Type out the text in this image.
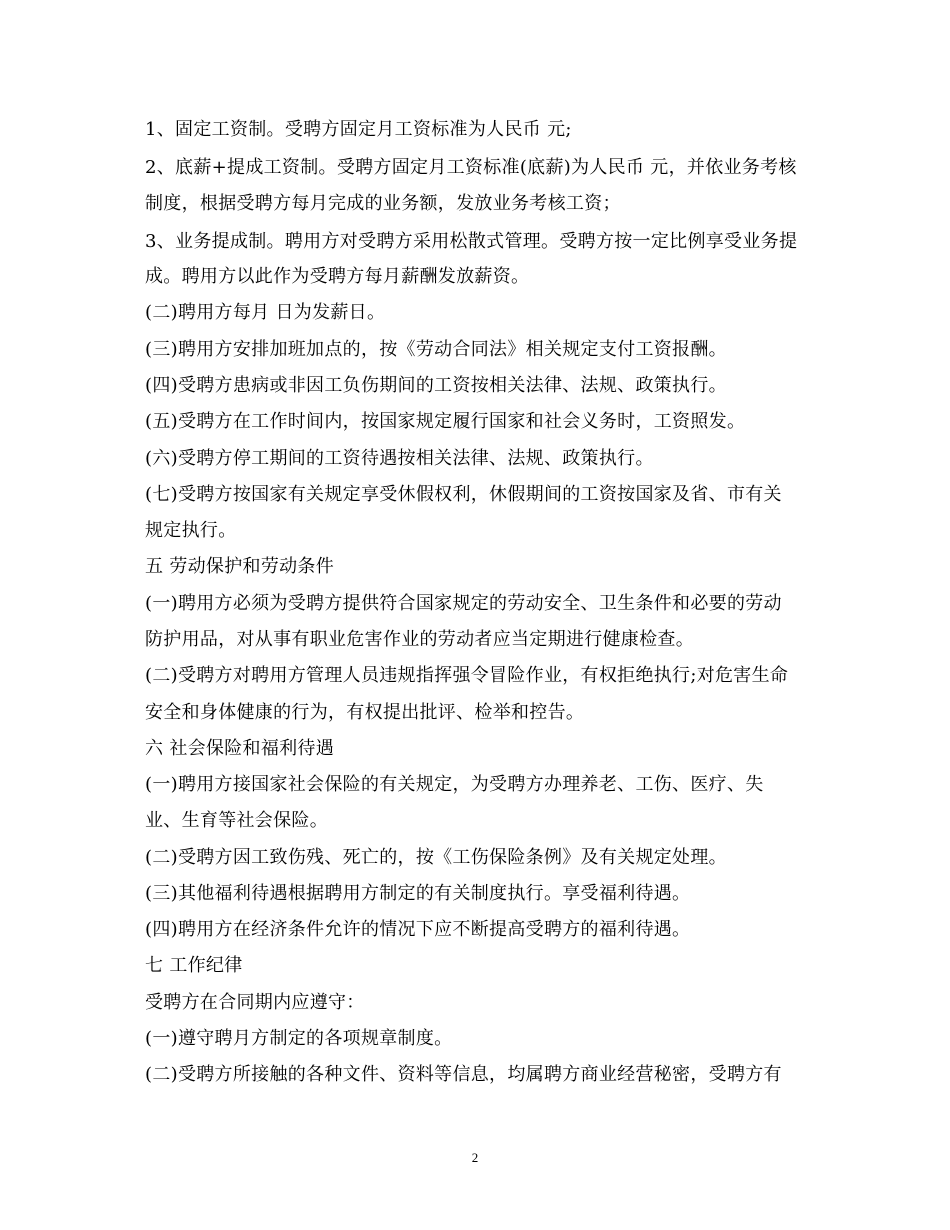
1、固定工资制。受聘方固定月工资标准为人民币 元;
2、底薪+提成工资制。受聘方固定月工资标准(底薪)为人民币 元，并依业务考核
制度，根据受聘方每月完成的业务额，发放业务考核工资；
3、业务提成制。聘用方对受聘方采用松散式管理。受聘方按一定比例享受业务提
成。聘用方以此作为受聘方每月薪酬发放薪资。
(二)聘用方每月 日为发薪日。
(三)聘用方安排加班加点的，按《劳动合同法》相关规定支付工资报酬。
(四)受聘方患病或非因工负伤期间的工资按相关法律、法规、政策执行。
(五)受聘方在工作时间内，按国家规定履行国家和社会义务时，工资照发。
(六)受聘方停工期间的工资待遇按相关法律、法规、政策执行。
(七)受聘方按国家有关规定享受休假权利，休假期间的工资按国家及省、市有关
规定执行。
五 劳动保护和劳动条件
(一)聘用方必须为受聘方提供符合国家规定的劳动安全、卫生条件和必要的劳动
防护用品，对从事有职业危害作业的劳动者应当定期进行健康检查。
(二)受聘方对聘用方管理人员违规指挥强令冒险作业，有权拒绝执行;对危害生命
安全和身体健康的行为，有权提出批评、检举和控告。
六 社会保险和福利待遇
(一)聘用方接国家社会保险的有关规定，为受聘方办理养老、工伤、医疗、失
业、生育等社会保险。
(二)受聘方因工致伤残、死亡的，按《工伤保险条例》及有关规定处理。
(三)其他福利待遇根据聘用方制定的有关制度执行。享受福利待遇。
(四)聘用方在经济条件允许的情况下应不断提高受聘方的福利待遇。
七 工作纪律
受聘方在合同期内应遵守：
(一)遵守聘月方制定的各项规章制度。
(二)受聘方所接触的各种文件、资料等信息，均属聘方商业经营秘密，受聘方有
2
